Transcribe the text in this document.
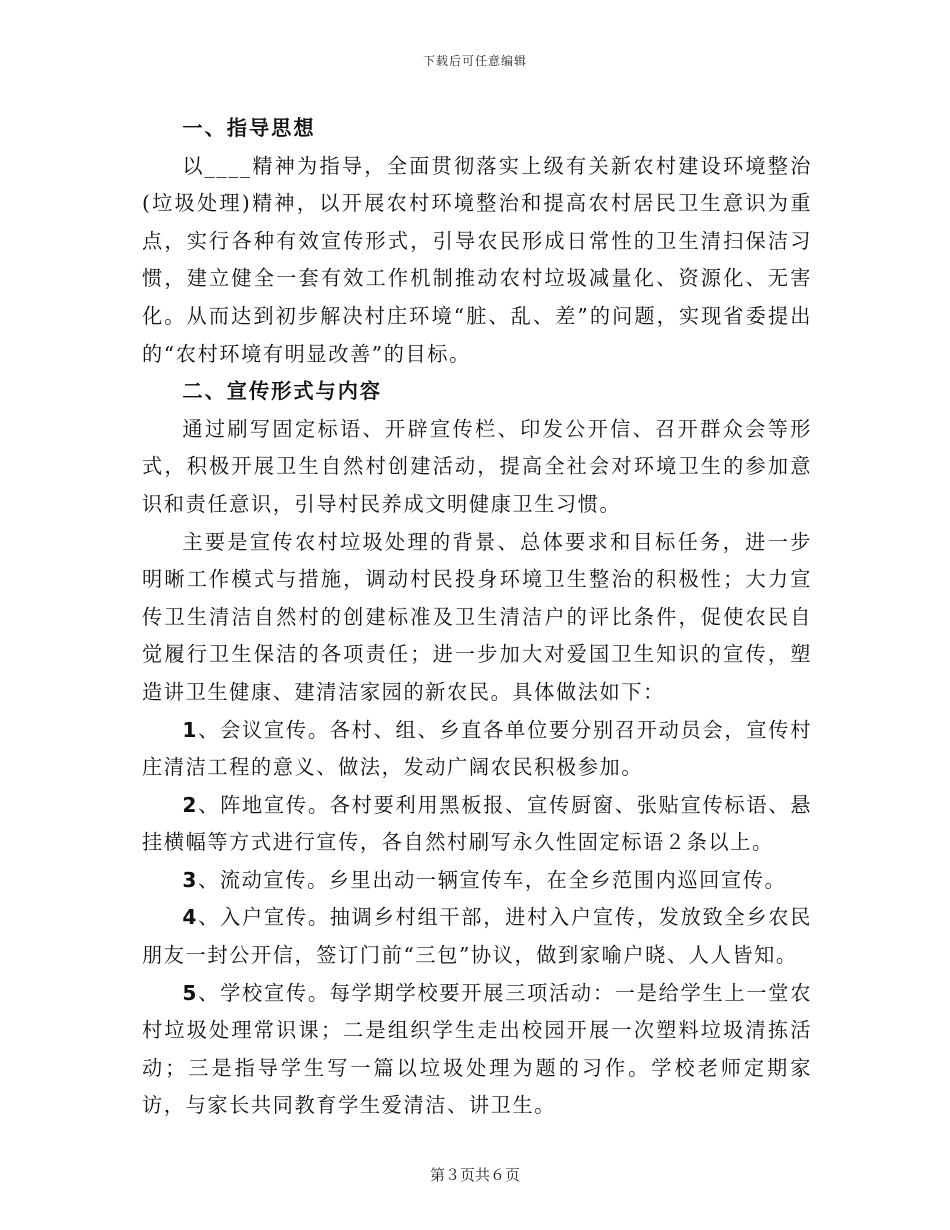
下载后可任意编辑
一、指导思想

以____精神为指导，全面贯彻落实上级有关新农村建设环境整治(垃圾处理)精神，以开展农村环境整治和提高农村居民卫生意识为重点，实行各种有效宣传形式，引导农民形成日常性的卫生清扫保洁习惯，建立健全一套有效工作机制推动农村垃圾减量化、资源化、无害化。从而达到初步解决村庄环境“脏、乱、差”的问题，实现省委提出的“农村环境有明显改善”的目标。

二、宣传形式与内容

通过刷写固定标语、开辟宣传栏、印发公开信、召开群众会等形式，积极开展卫生自然村创建活动，提高全社会对环境卫生的参加意识和责任意识，引导村民养成文明健康卫生习惯。

主要是宣传农村垃圾处理的背景、总体要求和目标任务，进一步明晰工作模式与措施，调动村民投身环境卫生整治的积极性；大力宣传卫生清洁自然村的创建标准及卫生清洁户的评比条件，促使农民自觉履行卫生保洁的各项责任；进一步加大对爱国卫生知识的宣传，塑造讲卫生健康、建清洁家园的新农民。具体做法如下：

1、会议宣传。各村、组、乡直各单位要分别召开动员会，宣传村庄清洁工程的意义、做法，发动广阔农民积极参加。

2、阵地宣传。各村要利用黑板报、宣传厨窗、张贴宣传标语、悬挂横幅等方式进行宣传，各自然村刷写永久性固定标语２条以上。

3、流动宣传。乡里出动一辆宣传车，在全乡范围内巡回宣传。

4、入户宣传。抽调乡村组干部，进村入户宣传，发放致全乡农民朋友一封公开信，签订门前“三包”协议，做到家喻户晓、人人皆知。

5、学校宣传。每学期学校要开展三项活动：一是给学生上一堂农村垃圾处理常识课；二是组织学生走出校园开展一次塑料垃圾清拣活动；三是指导学生写一篇以垃圾处理为题的习作。学校老师定期家访，与家长共同教育学生爱清洁、讲卫生。

第３页共６页
